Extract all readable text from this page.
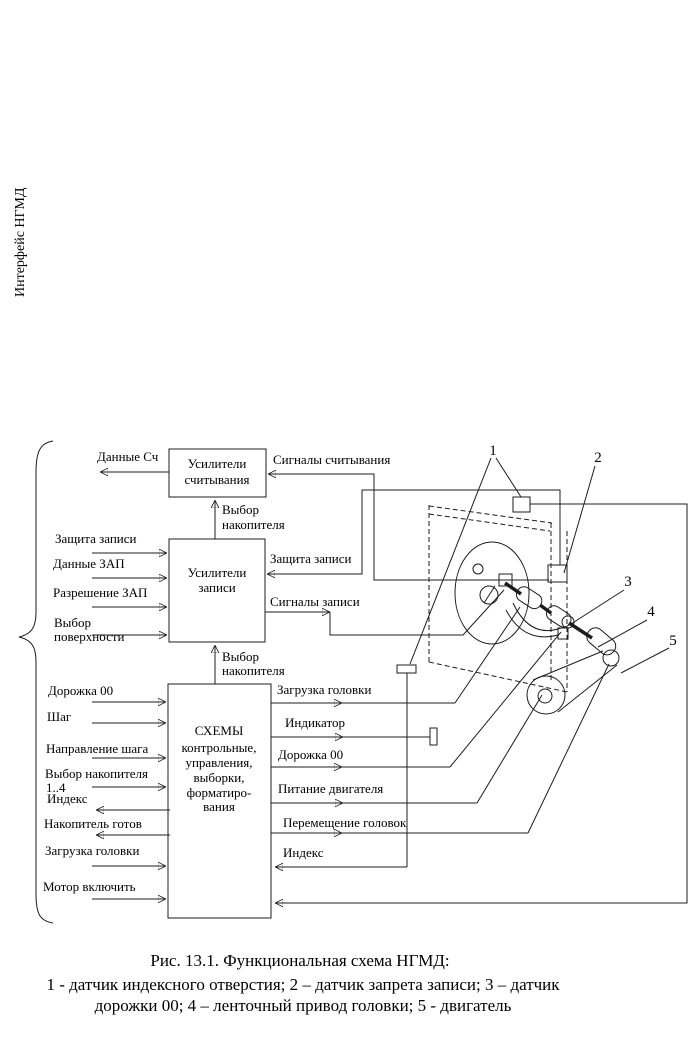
Интерфейс НГМД
Усилители
считывания
Усилители
записи
СХЕМЫ
контрольные,
управления,
выборки,
форматиро-
вания
Данные Сч
Защита записи
Данные ЗАП
Разрешение ЗАП
Выбор
поверхности
Дорожка 00
Шаг
Направление шага
Выбор накопителя
1..4
Индекс
Накопитель готов
Загрузка головки
Мотор включить
Сигналы считывания
Выбор
накопителя
Защита записи
Сигналы записи
Выбор
накопителя
Загрузка головки
Индикатор
Дорожка 00
Питание двигателя
Перемещение головок
Индекс
1	2
3
4
5
Рис. 13.1. Функциональная схема НГМД:
1 - датчик индексного отверстия; 2 – датчик запрета записи; 3 – датчик
дорожки 00; 4 – ленточный привод головки; 5 - двигатель
